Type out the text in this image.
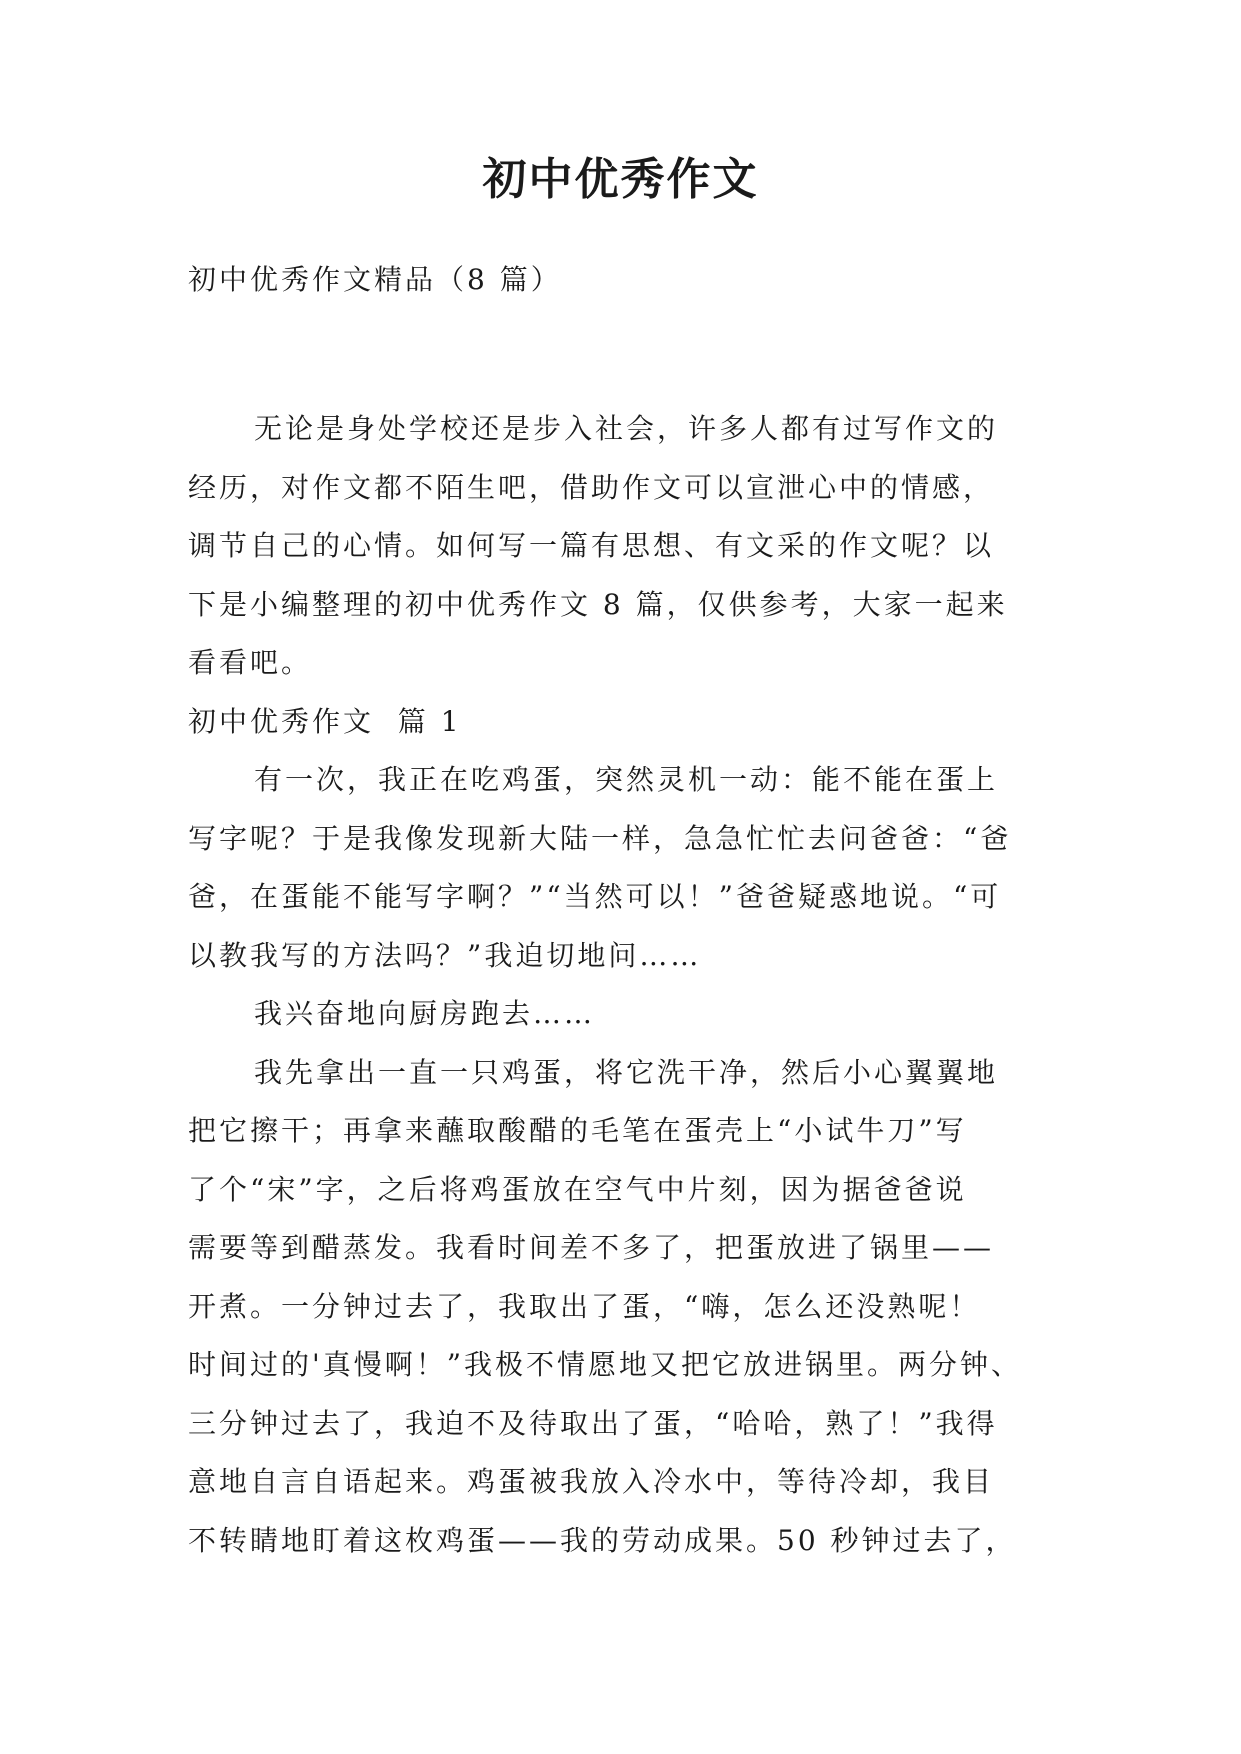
初中优秀作文

初中优秀作文精品（8 篇）

无论是身处学校还是步入社会，许多人都有过写作文的
经历，对作文都不陌生吧，借助作文可以宣泄心中的情感，
调节自己的心情。如何写一篇有思想、有文采的作文呢？以
下是小编整理的初中优秀作文 8 篇，仅供参考，大家一起来
看看吧。
初中优秀作文  篇 1
有一次，我正在吃鸡蛋，突然灵机一动：能不能在蛋上
写字呢？于是我像发现新大陆一样，急急忙忙去问爸爸：“爸
爸，在蛋能不能写字啊？”“当然可以！”爸爸疑惑地说。“可
以教我写的方法吗？”我迫切地问……
我兴奋地向厨房跑去……
我先拿出一直一只鸡蛋，将它洗干净，然后小心翼翼地
把它擦干；再拿来蘸取酸醋的毛笔在蛋壳上“小试牛刀”写
了个“宋”字，之后将鸡蛋放在空气中片刻，因为据爸爸说
需要等到醋蒸发。我看时间差不多了，把蛋放进了锅里——
开煮。一分钟过去了，我取出了蛋，“嗨，怎么还没熟呢！
时间过的'真慢啊！”我极不情愿地又把它放进锅里。两分钟、
三分钟过去了，我迫不及待取出了蛋，“哈哈，熟了！”我得
意地自言自语起来。鸡蛋被我放入冷水中，等待冷却，我目
不转睛地盯着这枚鸡蛋——我的劳动成果。50 秒钟过去了，
